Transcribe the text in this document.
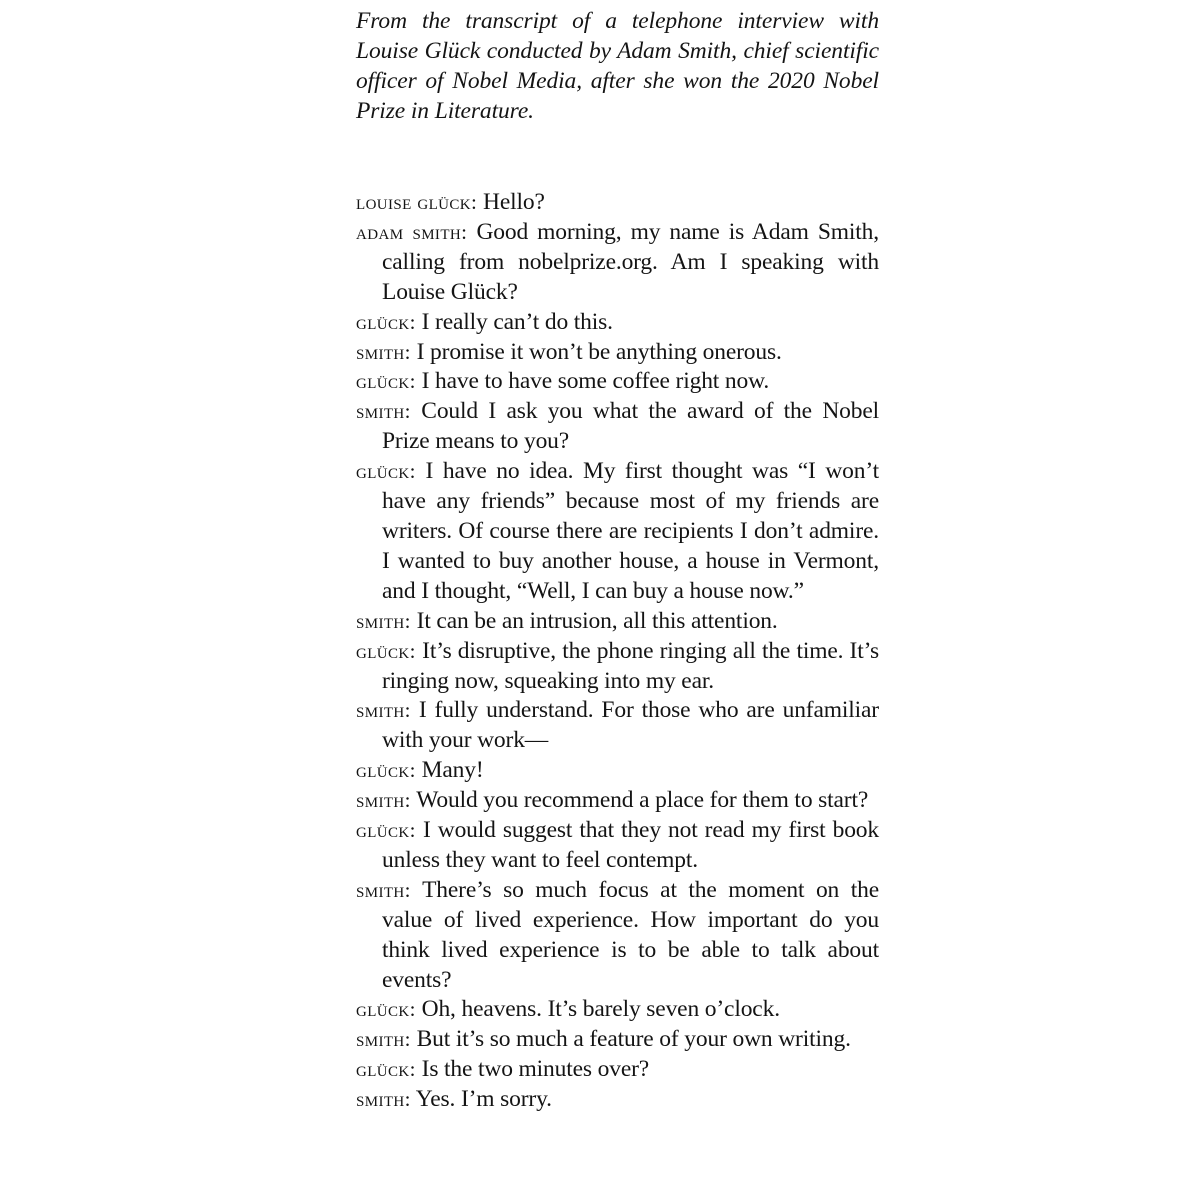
From the transcript of a telephone interview with Louise Glück conducted by Adam Smith, chief scientific officer of Nobel Media, after she won the 2020 Nobel Prize in Literature.

louise glück: Hello?

adam smith: Good morning, my name is Adam Smith, calling from nobelprize.org. Am I speaking with Louise Glück?

glück: I really can’t do this.

smith: I promise it won’t be anything onerous.

glück: I have to have some coffee right now.

smith: Could I ask you what the award of the Nobel Prize means to you?

glück: I have no idea. My first thought was “I won’t have any friends” because most of my friends are writers. Of course there are recipients I don’t admire. I wanted to buy another house, a house in Vermont, and I thought, “Well, I can buy a house now.”

smith: It can be an intrusion, all this attention.

glück: It’s disruptive, the phone ringing all the time. It’s ringing now, squeaking into my ear.

smith: I fully understand. For those who are unfamiliar with your work—

glück: Many!

smith: Would you recommend a place for them to start?

glück: I would suggest that they not read my first book unless they want to feel contempt.

smith: There’s so much focus at the moment on the value of lived experience. How important do you think lived experience is to be able to talk about events?

glück: Oh, heavens. It’s barely seven o’clock.

smith: But it’s so much a feature of your own writing.

glück: Is the two minutes over?

smith: Yes. I’m sorry.
